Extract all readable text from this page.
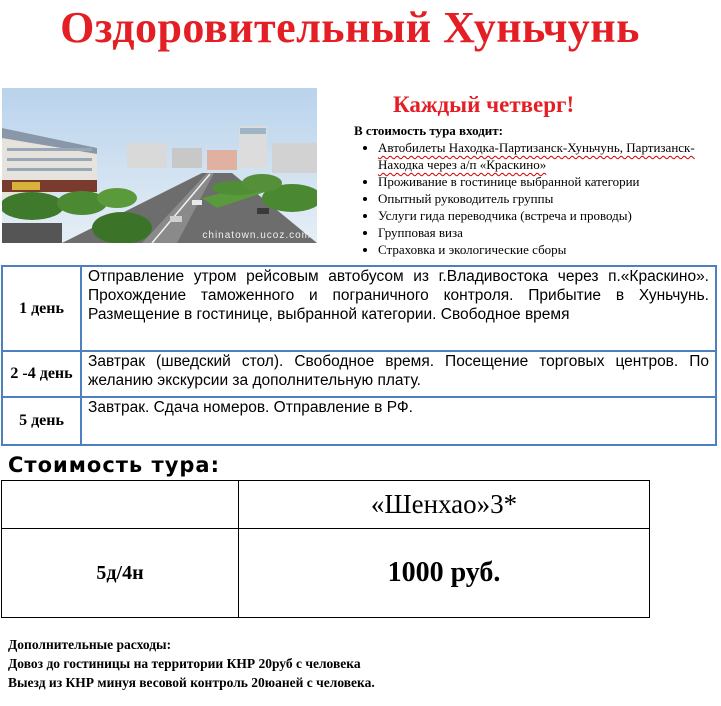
Оздоровительный Хуньчунь
chinatown.ucoz.com
Каждый четверг!
В стоимость тура входит:
• Автобилеты Находка-Партизанск-Хуньчунь, Партизанск-Находка через а/п «Краскино»
• Проживание в гостинице выбранной категории
• Опытный руководитель группы
• Услуги гида переводчика (встреча и проводы)
• Групповая виза
• Страховка и экологические сборы
1 день	Отправление утром рейсовым автобусом из г.Владивостока через п.«Краскино». Прохождение таможенного и пограничного контроля. Прибытие в Хуньчунь. Размещение в гостинице, выбранной категории. Свободное время
2 -4 день	Завтрак (шведский стол). Свободное время. Посещение торговых центров. По желанию экскурсии за дополнительную плату.
5 день	Завтрак. Сдача номеров. Отправление в РФ.
Стоимость тура:
	«Шенхао»3*
5д/4н	1000 руб.
Дополнительные расходы:
Довоз до гостиницы на территории КНР 20руб с человека
Выезд из КНР минуя весовой контроль 20юаней с человека.
